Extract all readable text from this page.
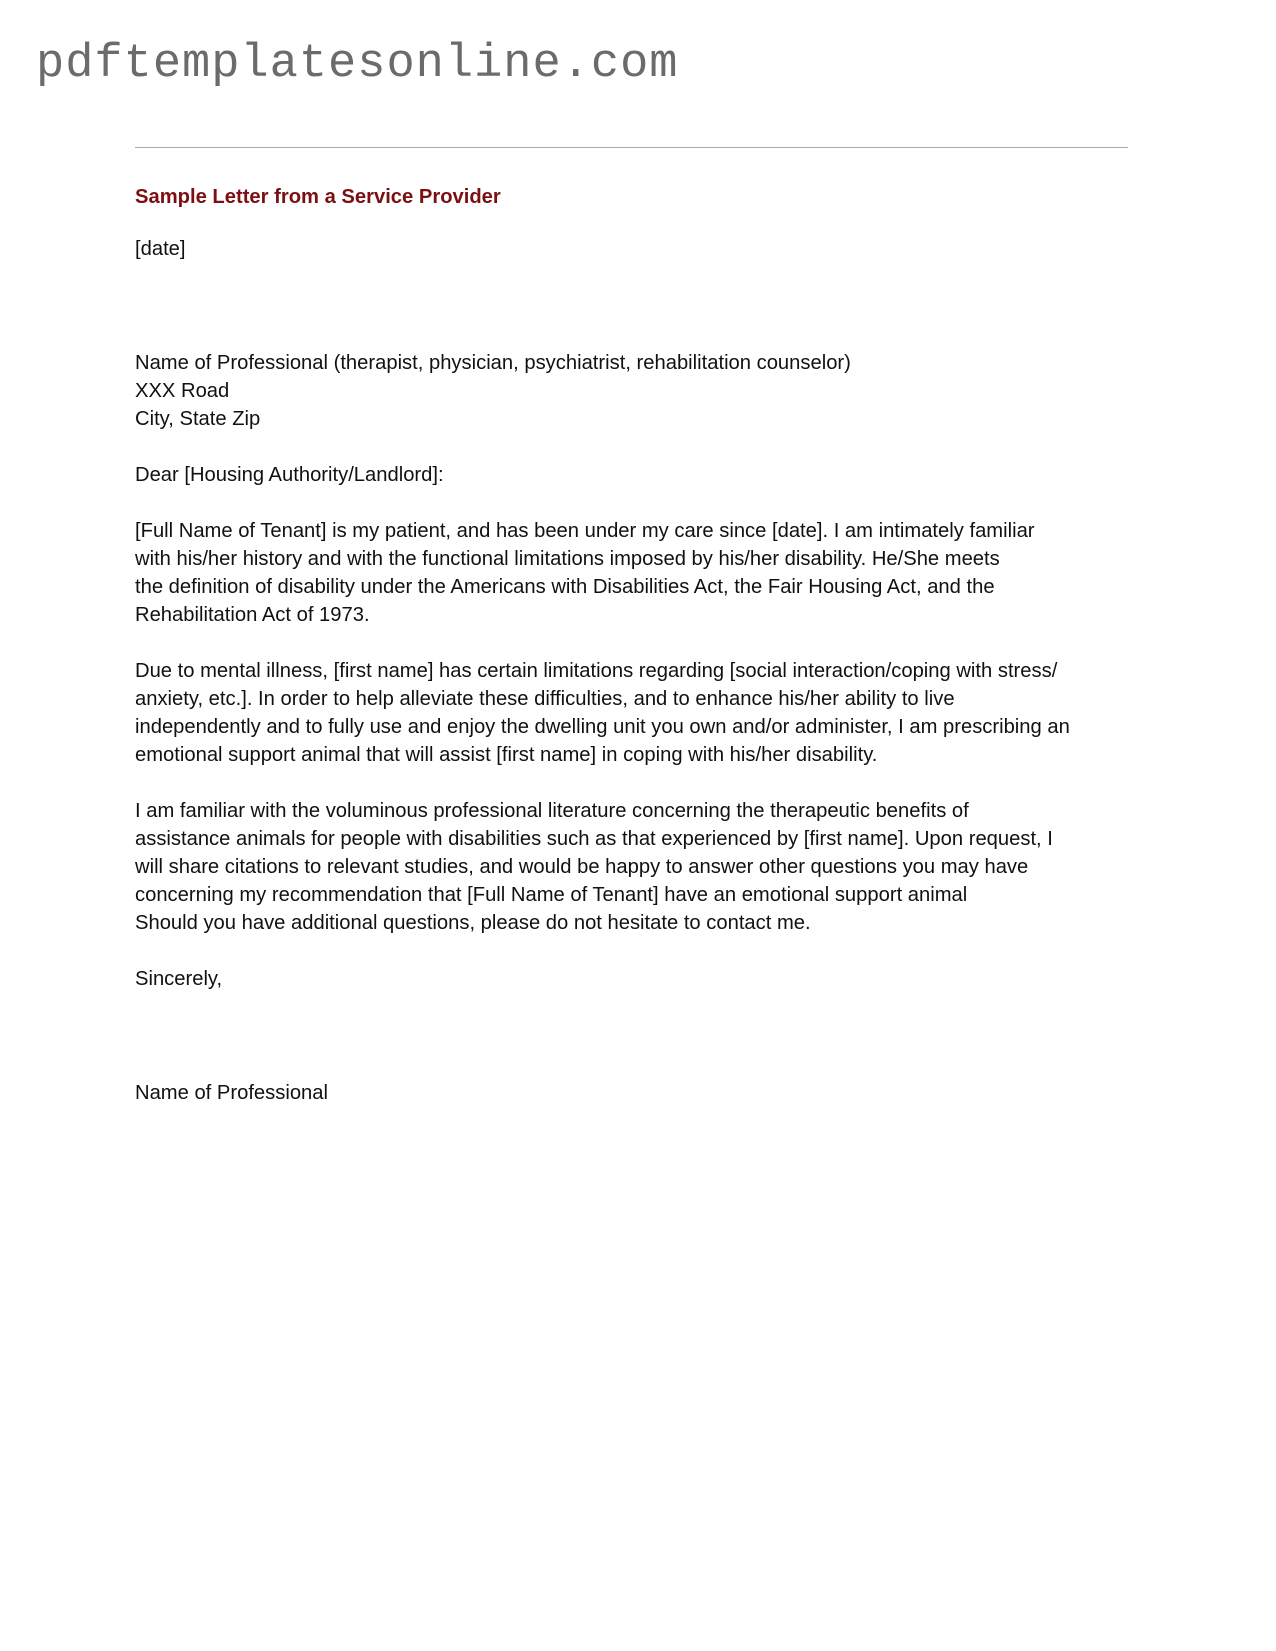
pdftemplatesonline.com
Sample Letter from a Service Provider
[date]
Name of Professional (therapist, physician, psychiatrist, rehabilitation counselor)
XXX Road
City, State Zip
Dear [Housing Authority/Landlord]:
[Full Name of Tenant] is my patient, and has been under my care since [date]. I am intimately familiar
with his/her history and with the functional limitations imposed by his/her disability. He/She meets
the definition of disability under the Americans with Disabilities Act, the Fair Housing Act, and the
Rehabilitation Act of 1973.
Due to mental illness, [first name] has certain limitations regarding [social interaction/coping with stress/
anxiety, etc.]. In order to help alleviate these difficulties, and to enhance his/her ability to live
independently and to fully use and enjoy the dwelling unit you own and/or administer, I am prescribing an
emotional support animal that will assist [first name] in coping with his/her disability.
I am familiar with the voluminous professional literature concerning the therapeutic benefits of
assistance animals for people with disabilities such as that experienced by [first name]. Upon request, I
will share citations to relevant studies, and would be happy to answer other questions you may have
concerning my recommendation that [Full Name of Tenant] have an emotional support animal
Should you have additional questions, please do not hesitate to contact me.
Sincerely,
Name of Professional
